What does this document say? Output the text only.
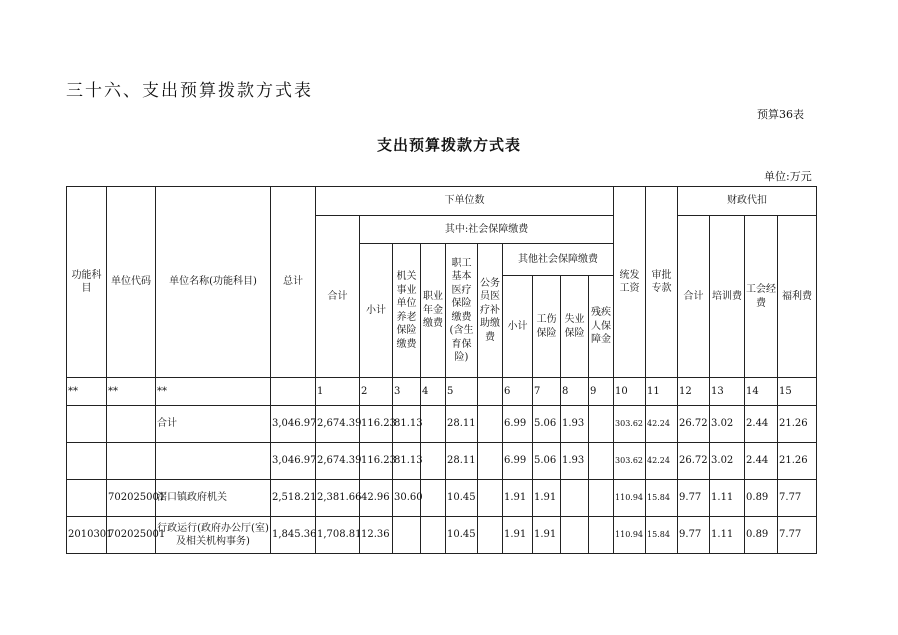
三十六、支出预算拨款方式表
预算36表
支出预算拨款方式表
单位:万元
功能科目	单位代码	单位名称(功能科目)	总计	下单位数										统发工资	审批专款	财政代扣			
				合计	其中:社会保障缴费											合计	培训费	工会经费	福利费
					小计	机关事业单位养老保险缴费	职业年金缴费	职工基本医疗保险缴费(含生育保险)	公务员医疗补助缴费	其他社会保障缴费									
										小计	工伤保险	失业保险	残疾人保障金						
**	**	**		1	2	3	4	5		6	7	8	9	10	11	12	13	14	15
		合计	3,046.97	2,674.39	116.23	81.13		28.11		6.99	5.06	1.93		303.62	42.24	26.72	3.02	2.44	21.26
			3,046.97	2,674.39	116.23	81.13		28.11		6.99	5.06	1.93		303.62	42.24	26.72	3.02	2.44	21.26
	702025001	滘口镇政府机关	2,518.21	2,381.66	42.96	30.60		10.45		1.91	1.91			110.94	15.84	9.77	1.11	0.89	7.77
2010301	702025001	行政运行(政府办公厅(室)及相关机构事务)	1,845.36	1,708.81	12.36			10.45		1.91	1.91			110.94	15.84	9.77	1.11	0.89	7.77
